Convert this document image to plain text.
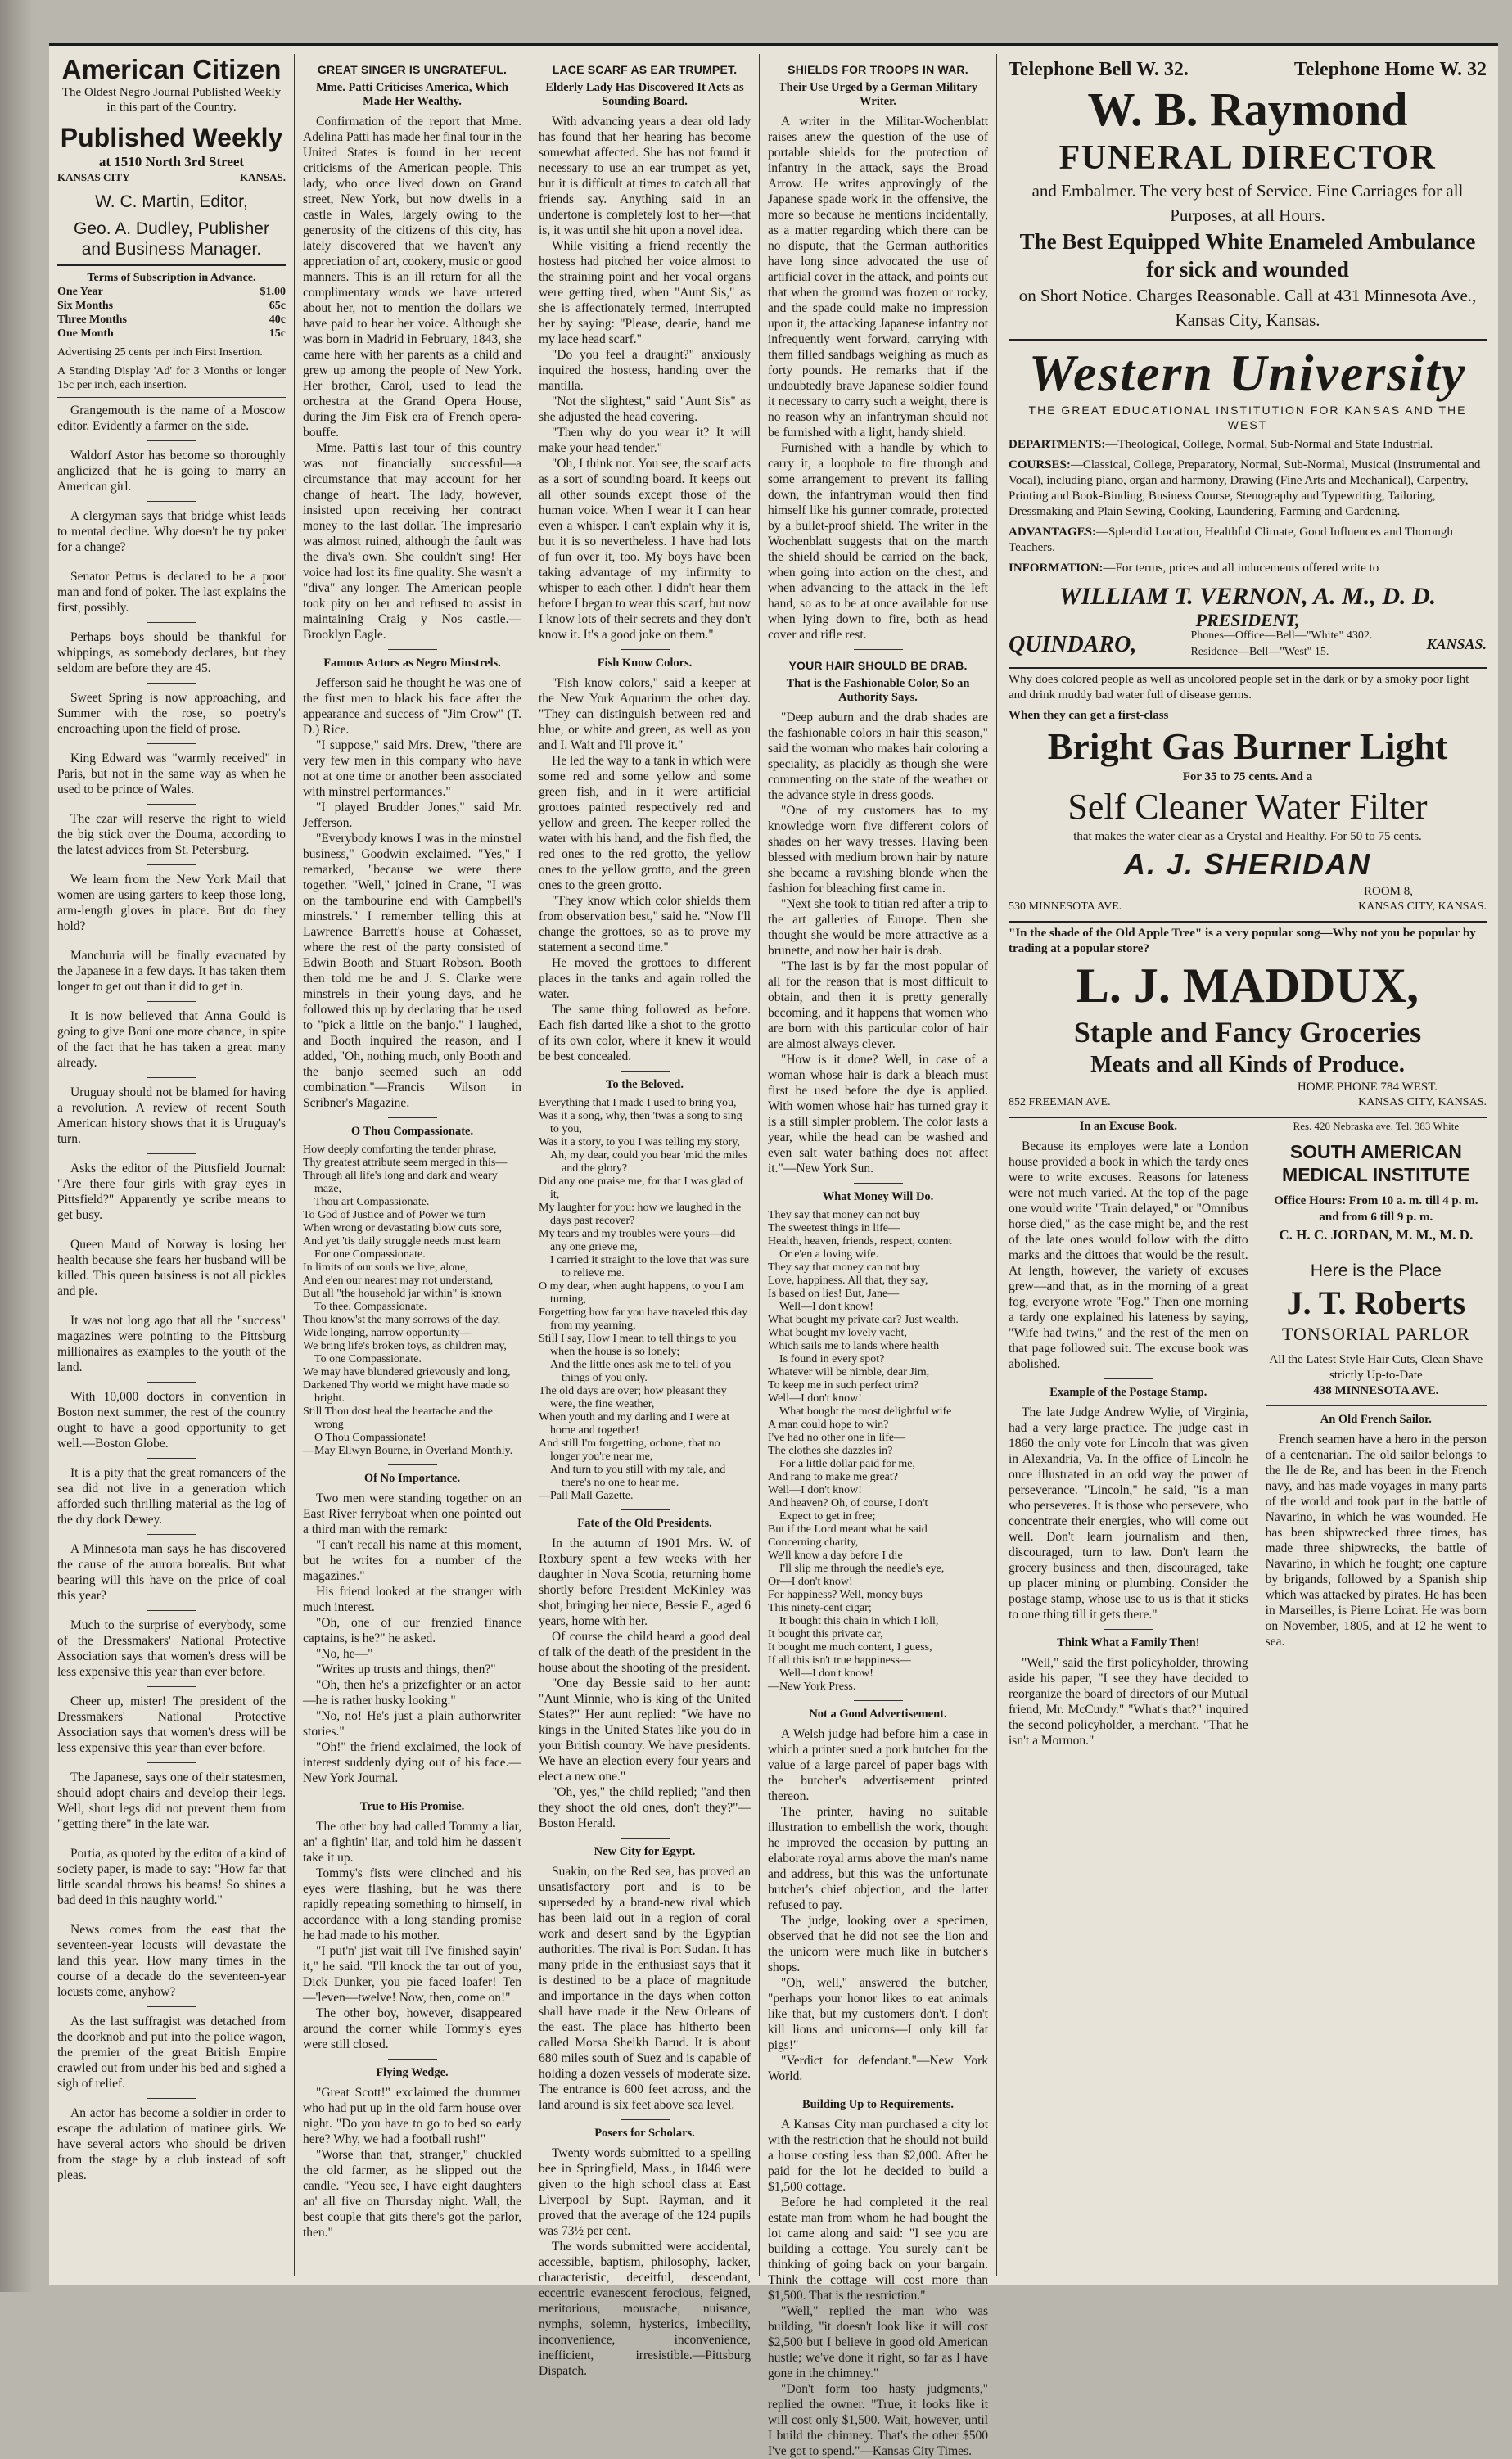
American Citizen
The Oldest Negro Journal Published Weekly in this part of the Country.
Published Weekly
at 1510 North 3rd Street
KANSAS CITY	KANSAS.
W. C. Martin, Editor,
Geo. A. Dudley, Publisher and Business Manager.
Terms of Subscription in Advance.
One Year	$1.00
Six Months	65c
Three Months	40c
One Month	15c

Advertising 25 cents per inch First Insertion.

A Standing Display 'Ad' for 3 Months or longer 15c per inch, each insertion.

Grangemouth is the name of a Moscow editor. Evidently a farmer on the side.

Waldorf Astor has become so thoroughly anglicized that he is going to marry an American girl.

A clergyman says that bridge whist leads to mental decline. Why doesn't he try poker for a change?

Senator Pettus is declared to be a poor man and fond of poker. The last explains the first, possibly.

Perhaps boys should be thankful for whippings, as somebody declares, but they seldom are before they are 45.

Sweet Spring is now approaching, and Summer with the rose, so poetry's encroaching upon the field of prose.

King Edward was "warmly received" in Paris, but not in the same way as when he used to be prince of Wales.

The czar will reserve the right to wield the big stick over the Douma, according to the latest advices from St. Petersburg.

We learn from the New York Mail that women are using garters to keep those long, arm-length gloves in place. But do they hold?

Manchuria will be finally evacuated by the Japanese in a few days. It has taken them longer to get out than it did to get in.

It is now believed that Anna Gould is going to give Boni one more chance, in spite of the fact that he has taken a great many already.

Uruguay should not be blamed for having a revolution. A review of recent South American history shows that it is Uruguay's turn.

Asks the editor of the Pittsfield Journal: "Are there four girls with gray eyes in Pittsfield?" Apparently ye scribe means to get busy.

Queen Maud of Norway is losing her health because she fears her husband will be killed. This queen business is not all pickles and pie.

It was not long ago that all the "success" magazines were pointing to the Pittsburg millionaires as examples to the youth of the land.

With 10,000 doctors in convention in Boston next summer, the rest of the country ought to have a good opportunity to get well.—Boston Globe.

It is a pity that the great romancers of the sea did not live in a generation which afforded such thrilling material as the log of the dry dock Dewey.

A Minnesota man says he has discovered the cause of the aurora borealis. But what bearing will this have on the price of coal this year?

Much to the surprise of everybody, some of the Dressmakers' National Protective Association says that women's dress will be less expensive this year than ever before.

Cheer up, mister! The president of the Dressmakers' National Protective Association says that women's dress will be less expensive this year than ever before.

The Japanese, says one of their statesmen, should adopt chairs and develop their legs. Well, short legs did not prevent them from "getting there" in the late war.

Portia, as quoted by the editor of a kind of society paper, is made to say: "How far that little scandal throws his beams! So shines a bad deed in this naughty world."

News comes from the east that the seventeen-year locusts will devastate the land this year. How many times in the course of a decade do the seventeen-year locusts come, anyhow?

As the last suffragist was detached from the doorknob and put into the police wagon, the premier of the great British Empire crawled out from under his bed and sighed a sigh of relief.

An actor has become a soldier in order to escape the adulation of matinee girls. We have several actors who should be driven from the stage by a club instead of soft pleas.

GREAT SINGER IS UNGRATEFUL.
Mme. Patti Criticises America, Which Made Her Wealthy.

Confirmation of the report that Mme. Adelina Patti has made her final tour in the United States is found in her recent criticisms of the American people. This lady, who once lived down on Grand street, New York, but now dwells in a castle in Wales, largely owing to the generosity of the citizens of this city, has lately discovered that we haven't any appreciation of art, cookery, music or good manners. This is an ill return for all the complimentary words we have uttered about her, not to mention the dollars we have paid to hear her voice. Although she was born in Madrid in February, 1843, she came here with her parents as a child and grew up among the people of New York. Her brother, Carol, used to lead the orchestra at the Grand Opera House, during the Jim Fisk era of French opera-bouffe.

Mme. Patti's last tour of this country was not financially successful—a circumstance that may account for her change of heart. The lady, however, insisted upon receiving her contract money to the last dollar. The impresario was almost ruined, although the fault was the diva's own. She couldn't sing! Her voice had lost its fine quality. She wasn't a "diva" any longer. The American people took pity on her and refused to assist in maintaining Craig y Nos castle.—Brooklyn Eagle.

Famous Actors as Negro Minstrels.

Jefferson said he thought he was one of the first men to black his face after the appearance and success of "Jim Crow" (T. D.) Rice.

"I suppose," said Mrs. Drew, "there are very few men in this company who have not at one time or another been associated with minstrel performances."

"I played Brudder Jones," said Mr. Jefferson.

"Everybody knows I was in the minstrel business," Goodwin exclaimed. "Yes," I remarked, "because we were there together. "Well," joined in Crane, "I was on the tambourine end with Campbell's minstrels." I remember telling this at Lawrence Barrett's house at Cohasset, where the rest of the party consisted of Edwin Booth and Stuart Robson. Booth then told me he and J. S. Clarke were minstrels in their young days, and he followed this up by declaring that he used to "pick a little on the banjo." I laughed, and Booth inquired the reason, and I added, "Oh, nothing much, only Booth and the banjo seemed such an odd combination."—Francis Wilson in Scribner's Magazine.

O Thou Compassionate.

How deeply comforting the tender phrase,

Thy greatest attribute seem merged in this—

Through all life's long and dark and weary maze,

Thou art Compassionate.

To God of Justice and of Power we turn

When wrong or devastating blow cuts sore,

And yet 'tis daily struggle needs must learn

For one Compassionate.

In limits of our souls we live, alone,

And e'en our nearest may not understand,

But all "the household jar within" is known

To thee, Compassionate.

Thou know'st the many sorrows of the day,

Wide longing, narrow opportunity—

We bring life's broken toys, as children may,

To one Compassionate.

We may have blundered grievously and long,

Darkened Thy world we might have made so bright.

Still Thou dost heal the heartache and the wrong

O Thou Compassionate!

—May Ellwyn Bourne, in Overland Monthly.

Of No Importance.

Two men were standing together on an East River ferryboat when one pointed out a third man with the remark:

"I can't recall his name at this moment, but he writes for a number of the magazines."

His friend looked at the stranger with much interest.

"Oh, one of our frenzied finance captains, is he?" he asked.

"No, he—"

"Writes up trusts and things, then?"

"Oh, then he's a prizefighter or an actor—he is rather husky looking."

"No, no! He's just a plain authorwriter stories."

"Oh!" the friend exclaimed, the look of interest suddenly dying out of his face.—New York Journal.

True to His Promise.

The other boy had called Tommy a liar, an' a fightin' liar, and told him he dassen't take it up.

Tommy's fists were clinched and his eyes were flashing, but he was there rapidly repeating something to himself, in accordance with a long standing promise he had made to his mother.

"I put'n' jist wait till I've finished sayin' it," he said. "I'll knock the tar out of you, Dick Dunker, you pie faced loafer! Ten—'leven—twelve! Now, then, come on!"

The other boy, however, disappeared around the corner while Tommy's eyes were still closed.

Flying Wedge.

"Great Scott!" exclaimed the drummer who had put up in the old farm house over night. "Do you have to go to bed so early here? Why, we had a football rush!"

"Worse than that, stranger," chuckled the old farmer, as he slipped out the candle. "Yeou see, I have eight daughters an' all five on Thursday night. Wall, the best couple that gits there's got the parlor, then."

LACE SCARF AS EAR TRUMPET.
Elderly Lady Has Discovered It Acts as Sounding Board.

With advancing years a dear old lady has found that her hearing has become somewhat affected. She has not found it necessary to use an ear trumpet as yet, but it is difficult at times to catch all that friends say. Anything said in an undertone is completely lost to her—that is, it was until she hit upon a novel idea.

While visiting a friend recently the hostess had pitched her voice almost to the straining point and her vocal organs were getting tired, when "Aunt Sis," as she is affectionately termed, interrupted her by saying: "Please, dearie, hand me my lace head scarf."

"Do you feel a draught?" anxiously inquired the hostess, handing over the mantilla.

"Not the slightest," said "Aunt Sis" as she adjusted the head covering.

"Then why do you wear it? It will make your head tender."

"Oh, I think not. You see, the scarf acts as a sort of sounding board. It keeps out all other sounds except those of the human voice. When I wear it I can hear even a whisper. I can't explain why it is, but it is so nevertheless. I have had lots of fun over it, too. My boys have been taking advantage of my infirmity to whisper to each other. I didn't hear them before I began to wear this scarf, but now I know lots of their secrets and they don't know it. It's a good joke on them."

Fish Know Colors.

"Fish know colors," said a keeper at the New York Aquarium the other day. "They can distinguish between red and blue, or white and green, as well as you and I. Wait and I'll prove it."

He led the way to a tank in which were some red and some yellow and some green fish, and in it were artificial grottoes painted respectively red and yellow and green. The keeper rolled the water with his hand, and the fish fled, the red ones to the red grotto, the yellow ones to the yellow grotto, and the green ones to the green grotto.

"They know which color shields them from observation best," said he. "Now I'll change the grottoes, so as to prove my statement a second time."

He moved the grottoes to different places in the tanks and again rolled the water.

The same thing followed as before. Each fish darted like a shot to the grotto of its own color, where it knew it would be best concealed.

To the Beloved.

Everything that I made I used to bring you,

Was it a song, why, then 'twas a song to sing to you,

Was it a story, to you I was telling my story,

Ah, my dear, could you hear 'mid the miles and the glory?

Did any one praise me, for that I was glad of it,

My laughter for you: how we laughed in the days past recover?

My tears and my troubles were yours—did any one grieve me,

I carried it straight to the love that was sure to relieve me.

O my dear, when aught happens, to you I am turning,

Forgetting how far you have traveled this day from my yearning,

Still I say, How I mean to tell things to you when the house is so lonely;

And the little ones ask me to tell of you things of you only.

The old days are over; how pleasant they were, the fine weather,

When youth and my darling and I were at home and together!

And still I'm forgetting, ochone, that no longer you're near me,

And turn to you still with my tale, and there's no one to hear me.

—Pall Mall Gazette.

Fate of the Old Presidents.

In the autumn of 1901 Mrs. W. of Roxbury spent a few weeks with her daughter in Nova Scotia, returning home shortly before President McKinley was shot, bringing her niece, Bessie F., aged 6 years, home with her.

Of course the child heard a good deal of talk of the death of the president in the house about the shooting of the president.

"One day Bessie said to her aunt: "Aunt Minnie, who is king of the United States?" Her aunt replied: "We have no kings in the United States like you do in your British country. We have presidents. We have an election every four years and elect a new one."

"Oh, yes," the child replied; "and then they shoot the old ones, don't they?"—Boston Herald.

New City for Egypt.

Suakin, on the Red sea, has proved an unsatisfactory port and is to be superseded by a brand-new rival which has been laid out in a region of coral work and desert sand by the Egyptian authorities. The rival is Port Sudan. It has many pride in the enthusiast says that it is destined to be a place of magnitude and importance in the days when cotton shall have made it the New Orleans of the east. The place has hitherto been called Morsa Sheikh Barud. It is about 680 miles south of Suez and is capable of holding a dozen vessels of moderate size. The entrance is 600 feet across, and the land around is six feet above sea level.

Posers for Scholars.

Twenty words submitted to a spelling bee in Springfield, Mass., in 1846 were given to the high school class at East Liverpool by Supt. Rayman, and it proved that the average of the 124 pupils was 73½ per cent.

The words submitted were accidental, accessible, baptism, philosophy, lacker, characteristic, deceitful, descendant, eccentric evanescent ferocious, feigned, meritorious, moustache, nuisance, nymphs, solemn, hysterics, imbecility, inconvenience, inconvenience, inefficient, irresistible.—Pittsburg Dispatch.

SHIELDS FOR TROOPS IN WAR.
Their Use Urged by a German Military Writer.

A writer in the Militar-Wochenblatt raises anew the question of the use of portable shields for the protection of infantry in the attack, says the Broad Arrow. He writes approvingly of the Japanese spade work in the offensive, the more so because he mentions incidentally, as a matter regarding which there can be no dispute, that the German authorities have long since advocated the use of artificial cover in the attack, and points out that when the ground was frozen or rocky, and the spade could make no impression upon it, the attacking Japanese infantry not infrequently went forward, carrying with them filled sandbags weighing as much as forty pounds. He remarks that if the undoubtedly brave Japanese soldier found it necessary to carry such a weight, there is no reason why an infantryman should not be furnished with a light, handy shield.

Furnished with a handle by which to carry it, a loophole to fire through and some arrangement to prevent its falling down, the infantryman would then find himself like his gunner comrade, protected by a bullet-proof shield. The writer in the Wochenblatt suggests that on the march the shield should be carried on the back, when going into action on the chest, and when advancing to the attack in the left hand, so as to be at once available for use when lying down to fire, both as head cover and rifle rest.

YOUR HAIR SHOULD BE DRAB.
That is the Fashionable Color, So an Authority Says.

"Deep auburn and the drab shades are the fashionable colors in hair this season," said the woman who makes hair coloring a speciality, as placidly as though she were commenting on the state of the weather or the advance style in dress goods.

"One of my customers has to my knowledge worn five different colors of shades on her wavy tresses. Having been blessed with medium brown hair by nature she became a ravishing blonde when the fashion for bleaching first came in.

"Next she took to titian red after a trip to the art galleries of Europe. Then she thought she would be more attractive as a brunette, and now her hair is drab.

"The last is by far the most popular of all for the reason that is most difficult to obtain, and then it is pretty generally becoming, and it happens that women who are born with this particular color of hair are almost always clever.

"How is it done? Well, in case of a woman whose hair is dark a bleach must first be used before the dye is applied. With women whose hair has turned gray it is a still simpler problem. The color lasts a year, while the head can be washed and even salt water bathing does not affect it."—New York Sun.

What Money Will Do.

They say that money can not buy

The sweetest things in life—

Health, heaven, friends, respect, content

Or e'en a loving wife.

They say that money can not buy

Love, happiness. All that, they say,

Is based on lies! But, Jane—

Well—I don't know!

What bought my private car? Just wealth.

What bought my lovely yacht,

Which sails me to lands where health

Is found in every spot?

Whatever will be nimble, dear Jim,

To keep me in such perfect trim?

Well—I don't know!

What bought the most delightful wife

A man could hope to win?

I've had no other one in life—

The clothes she dazzles in?

For a little dollar paid for me,

And rang to make me great?

Well—I don't know!

And heaven? Oh, of course, I don't

Expect to get in free;

But if the Lord meant what he said

Concerning charity,

We'll know a day before I die

I'll slip me through the needle's eye,

Or—I don't know!

For happiness? Well, money buys

This ninety-cent cigar;

It bought this chain in which I loll,

It bought this private car,

It bought me much content, I guess,

If all this isn't true happiness—

Well—I don't know!

—New York Press.

Not a Good Advertisement.

A Welsh judge had before him a case in which a printer sued a pork butcher for the value of a large parcel of paper bags with the butcher's advertisement printed thereon.

The printer, having no suitable illustration to embellish the work, thought he improved the occasion by putting an elaborate royal arms above the man's name and address, but this was the unfortunate butcher's chief objection, and the latter refused to pay.

The judge, looking over a specimen, observed that he did not see the lion and the unicorn were much like in butcher's shops.

"Oh, well," answered the butcher, "perhaps your honor likes to eat animals like that, but my customers don't. I don't kill lions and unicorns—I only kill fat pigs!"

"Verdict for defendant."—New York World.

Building Up to Requirements.

A Kansas City man purchased a city lot with the restriction that he should not build a house costing less than $2,000. After he paid for the lot he decided to build a $1,500 cottage.

Before he had completed it the real estate man from whom he had bought the lot came along and said: "I see you are building a cottage. You surely can't be thinking of going back on your bargain. Think the cottage will cost more than $1,500. That is the restriction."

"Well," replied the man who was building, "it doesn't look like it will cost $2,500 but I believe in good old American hustle; we've done it right, so far as I have gone in the chimney."

"Don't form too hasty judgments," replied the owner. "True, it looks like it will cost only $1,500. Wait, however, until I build the chimney. That's the other $500 I've got to spend."—Kansas City Times.

Telephone Bell W. 32.	Telephone Home W. 32
W. B. Raymond
FUNERAL DIRECTOR
and Embalmer. The very best of Service. Fine Carriages for all Purposes, at all Hours.
The Best Equipped White Enameled Ambulance for sick and wounded
on Short Notice. Charges Reasonable. Call at 431 Minnesota Ave., Kansas City, Kansas.
Western University
THE GREAT EDUCATIONAL INSTITUTION FOR KANSAS AND THE WEST

DEPARTMENTS:—Theological, College, Normal, Sub-Normal and State Industrial.

COURSES:—Classical, College, Preparatory, Normal, Sub-Normal, Musical (Instrumental and Vocal), including piano, organ and harmony, Drawing (Fine Arts and Mechanical), Carpentry, Printing and Book-Binding, Business Course, Stenography and Typewriting, Tailoring, Dressmaking and Plain Sewing, Cooking, Laundering, Farming and Gardening.

ADVANTAGES:—Splendid Location, Healthful Climate, Good Influences and Thorough Teachers.

INFORMATION:—For terms, prices and all inducements offered write to

WILLIAM T. VERNON, A. M., D. D.
PRESIDENT,
QUINDARO,	Phones—Office—Bell—"White" 4302.
Residence—Bell—"West" 15.	KANSAS.
Why does colored people as well as uncolored people set in the dark or by a smoky poor light and drink muddy bad water full of disease germs.
When they can get a first-class
Bright Gas Burner Light
For 35 to 75 cents. And a
Self Cleaner Water Filter
that makes the water clear as a Crystal and Healthy. For 50 to 75 cents.
A. J. SHERIDAN
ROOM 8,
530 MINNESOTA AVE.	KANSAS CITY, KANSAS.
"In the shade of the Old Apple Tree" is a very popular song—Why not you be popular by trading at a popular store?
L. J. MADDUX,
Staple and Fancy Groceries
Meats and all Kinds of Produce.
HOME PHONE 784 WEST.
852 FREEMAN AVE.	KANSAS CITY, KANSAS.
In an Excuse Book.

Because its employes were late a London house provided a book in which the tardy ones were to write excuses. Reasons for lateness were not much varied. At the top of the page one would write "Train delayed," or "Omnibus horse died," as the case might be, and the rest of the late ones would follow with the ditto marks and the dittoes that would be the result. At length, however, the variety of excuses grew—and that, as in the morning of a great fog, everyone wrote "Fog." Then one morning a tardy one explained his lateness by saying, "Wife had twins," and the rest of the men on that page followed suit. The excuse book was abolished.

Example of the Postage Stamp.

The late Judge Andrew Wylie, of Virginia, had a very large practice. The judge cast in 1860 the only vote for Lincoln that was given in Alexandria, Va. In the office of Lincoln he once illustrated in an odd way the power of perseverance. "Lincoln," he said, "is a man who perseveres. It is those who persevere, who concentrate their energies, who will come out well. Don't learn journalism and then, discouraged, turn to law. Don't learn the grocery business and then, discouraged, take up placer mining or plumbing. Consider the postage stamp, whose use to us is that it sticks to one thing till it gets there."

Think What a Family Then!

"Well," said the first policyholder, throwing aside his paper, "I see they have decided to reorganize the board of directors of our Mutual friend, Mr. McCurdy." "What's that?" inquired the second policyholder, a merchant. "That he isn't a Mormon."

Res. 420 Nebraska ave. Tel. 383 White
SOUTH AMERICAN MEDICAL INSTITUTE
Office Hours: From 10 a. m. till 4 p. m. and from 6 till 9 p. m.
C. H. C. JORDAN, M. M., M. D.
Here is the Place
J. T. Roberts
TONSORIAL PARLOR
All the Latest Style Hair Cuts, Clean Shave strictly Up-to-Date
438 MINNESOTA AVE.
An Old French Sailor.

French seamen have a hero in the person of a centenarian. The old sailor belongs to the Ile de Re, and has been in the French navy, and has made voyages in many parts of the world and took part in the battle of Navarino, in which he was wounded. He has been shipwrecked three times, has made three shipwrecks, the battle of Navarino, in which he fought; one capture by brigands, followed by a Spanish ship which was attacked by pirates. He has been in Marseilles, is Pierre Loirat. He was born on November, 1805, and at 12 he went to sea.
